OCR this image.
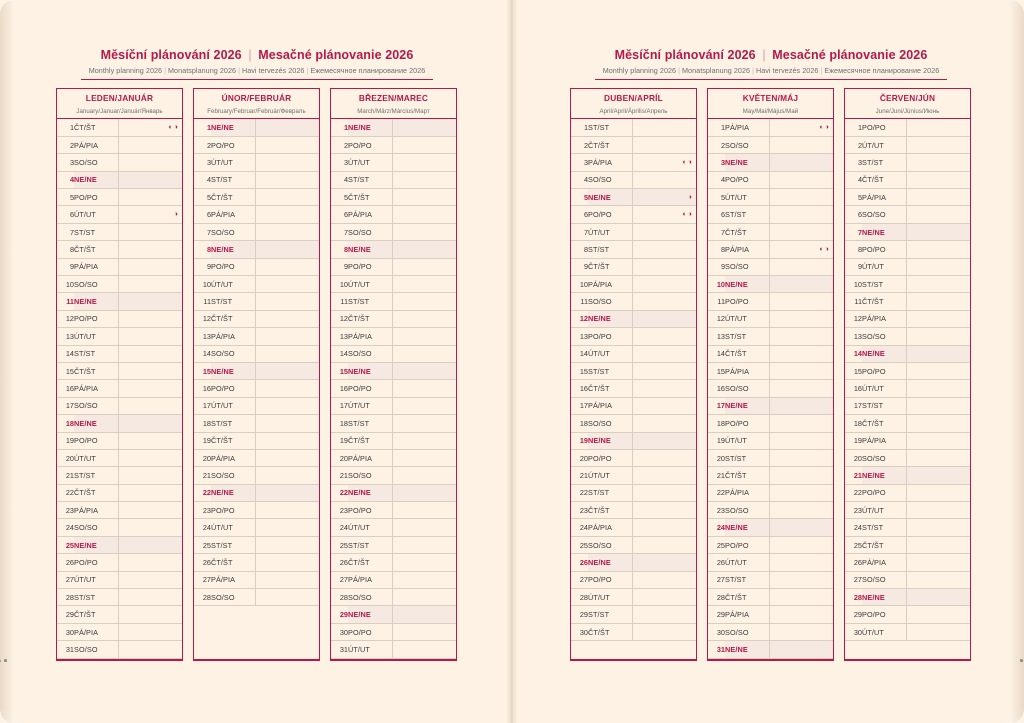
Měsíční plánování 2026 | Mesačné plánovanie 2026
Monthly planning 2026 | Monatsplanung 2026 | Havi tervezés 2026 | Ежемесячное планирование 2026
Měsíční plánování 2026 | Mesačné plánovanie 2026
Monthly planning 2026 | Monatsplanung 2026 | Havi tervezés 2026 | Ежемесячное планирование 2026
LEDEN/JANUÁR
January/Januar/Január/Январь
1	ČT/ŠT	◐◑

2	PÁ/PIA	
3	SO/SO	
4	NE/NE	
5	PO/PO	
6	ÚT/UT	◑

7	ST/ST	
8	ČT/ŠT	
9	PÁ/PIA	
10	SO/SO	
11	NE/NE	
12	PO/PO	
13	ÚT/UT	
14	ST/ST	
15	ČT/ŠT	
16	PÁ/PIA	
17	SO/SO	
18	NE/NE	
19	PO/PO	
20	ÚT/UT	
21	ST/ST	
22	ČT/ŠT	
23	PÁ/PIA	
24	SO/SO	
25	NE/NE	
26	PO/PO	
27	ÚT/UT	
28	ST/ST	
29	ČT/ŠT	
30	PÁ/PIA	
31	SO/SO	
ÚNOR/FEBRUÁR
February/Februar/Február/Февраль
1	NE/NE	
2	PO/PO	
3	ÚT/UT	
4	ST/ST	
5	ČT/ŠT	
6	PÁ/PIA	
7	SO/SO	
8	NE/NE	
9	PO/PO	
10	ÚT/UT	
11	ST/ST	
12	ČT/ŠT	
13	PÁ/PIA	
14	SO/SO	
15	NE/NE	
16	PO/PO	
17	ÚT/UT	
18	ST/ST	
19	ČT/ŠT	
20	PÁ/PIA	
21	SO/SO	
22	NE/NE	
23	PO/PO	
24	ÚT/UT	
25	ST/ST	
26	ČT/ŠT	
27	PÁ/PIA	
28	SO/SO	

BŘEZEN/MAREC
March/März/Március/Март
1	NE/NE	
2	PO/PO	
3	ÚT/UT	
4	ST/ST	
5	ČT/ŠT	
6	PÁ/PIA	
7	SO/SO	
8	NE/NE	
9	PO/PO	
10	ÚT/UT	
11	ST/ST	
12	ČT/ŠT	
13	PÁ/PIA	
14	SO/SO	
15	NE/NE	
16	PO/PO	
17	ÚT/UT	
18	ST/ST	
19	ČT/ŠT	
20	PÁ/PIA	
21	SO/SO	
22	NE/NE	
23	PO/PO	
24	ÚT/UT	
25	ST/ST	
26	ČT/ŠT	
27	PÁ/PIA	
28	SO/SO	
29	NE/NE	
30	PO/PO	
31	ÚT/UT	
DUBEN/APRÍL
April/April/Április/Апрель
1	ST/ST	
2	ČT/ŠT	
3	PÁ/PIA	◐◑

4	SO/SO	
5	NE/NE	◑

6	PO/PO	◐◑

7	ÚT/UT	
8	ST/ST	
9	ČT/ŠT	
10	PÁ/PIA	
11	SO/SO	
12	NE/NE	
13	PO/PO	
14	ÚT/UT	
15	ST/ST	
16	ČT/ŠT	
17	PÁ/PIA	
18	SO/SO	
19	NE/NE	
20	PO/PO	
21	ÚT/UT	
22	ST/ST	
23	ČT/ŠT	
24	PÁ/PIA	
25	SO/SO	
26	NE/NE	
27	PO/PO	
28	ÚT/UT	
29	ST/ST	
30	ČT/ŠT	

KVĚTEN/MÁJ
May/Mai/Május/Май
1	PÁ/PIA	◐◑

2	SO/SO	
3	NE/NE	
4	PO/PO	
5	ÚT/UT	
6	ST/ST	
7	ČT/ŠT	
8	PÁ/PIA	◐◑

9	SO/SO	
10	NE/NE	
11	PO/PO	
12	ÚT/UT	
13	ST/ST	
14	ČT/ŠT	
15	PÁ/PIA	
16	SO/SO	
17	NE/NE	
18	PO/PO	
19	ÚT/UT	
20	ST/ST	
21	ČT/ŠT	
22	PÁ/PIA	
23	SO/SO	
24	NE/NE	
25	PO/PO	
26	ÚT/UT	
27	ST/ST	
28	ČT/ŠT	
29	PÁ/PIA	
30	SO/SO	
31	NE/NE	
ČERVEN/JÚN
June/Juni/Június/Июнь
1	PO/PO	
2	ÚT/UT	
3	ST/ST	
4	ČT/ŠT	
5	PÁ/PIA	
6	SO/SO	
7	NE/NE	
8	PO/PO	
9	ÚT/UT	
10	ST/ST	
11	ČT/ŠT	
12	PÁ/PIA	
13	SO/SO	
14	NE/NE	
15	PO/PO	
16	ÚT/UT	
17	ST/ST	
18	ČT/ŠT	
19	PÁ/PIA	
20	SO/SO	
21	NE/NE	
22	PO/PO	
23	ÚT/UT	
24	ST/ST	
25	ČT/ŠT	
26	PÁ/PIA	
27	SO/SO	
28	NE/NE	
29	PO/PO	
30	ÚT/UT	
